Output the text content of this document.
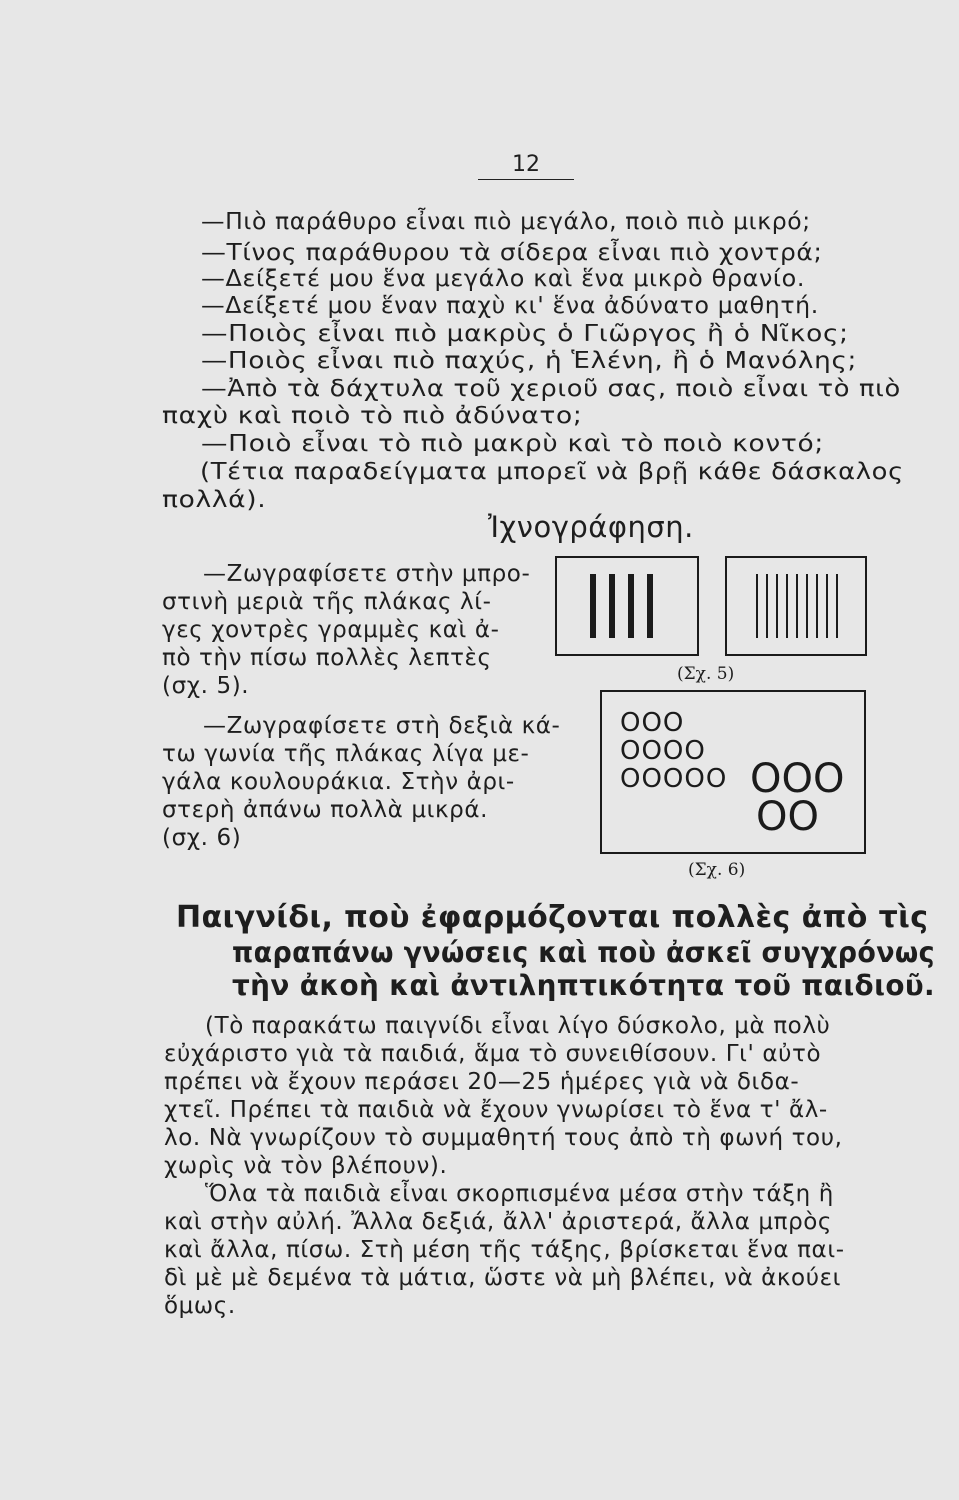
12
—Πιὸ παράθυρο εἶναι πιὸ μεγάλο, ποιὸ πιὸ μικρό;
—Τίνος παράθυρου τὰ σίδερα εἶναι πιὸ χοντρά;
—Δείξετέ μου ἕνα μεγάλο καὶ ἕνα μικρὸ θρανίο.
—Δείξετέ μου ἕναν παχὺ κι' ἕνα ἀδύνατο μαθητή.
—Ποιὸς εἶναι πιὸ μακρὺς ὁ Γιῶργος ἢ ὁ Νῖκος;
—Ποιὸς εἶναι πιὸ παχύς, ἡ Ἑλένη, ἢ ὁ Μανόλης;
—Ἀπὸ τὰ δάχτυλα τοῦ χεριοῦ σας, ποιὸ εἶναι τὸ πιὸ
παχὺ καὶ ποιὸ τὸ πιὸ ἀδύνατο;
—Ποιὸ εἶναι τὸ πιὸ μακρὺ καὶ τὸ ποιὸ κοντό;
(Τέτια παραδείγματα μπορεῖ νὰ βρῇ κάθε δάσκαλος
πολλά).
Ἰχνογράφηση.
—Ζωγραφίσετε στὴν μπρο-
στινὴ μεριὰ τῆς πλάκας λί-
γες χοντρὲς γραμμὲς καὶ ἀ-
πὸ τὴν πίσω πολλὲς λεπτὲς
(σχ. 5).
—Ζωγραφίσετε στὴ δεξιὰ κά-
τω γωνία τῆς πλάκας λίγα με-
γάλα κουλουράκια. Στὴν ἀρι-
στερὴ ἀπάνω πολλὰ μικρά.
(σχ. 6)
(Σχ. 5)
OOO
OOOO
OOOOO OOO
OO
(Σχ. 6)
Παιγνίδι, ποὺ ἐφαρμόζονται πολλὲς ἀπὸ τὶς
παραπάνω γνώσεις καὶ ποὺ ἀσκεῖ συγχρόνως
τὴν ἀκοὴ καὶ ἀντιληπτικότητα τοῦ παιδιοῦ.
(Τὸ παρακάτω παιγνίδι εἶναι λίγο δύσκολο, μὰ πολὺ
εὐχάριστο γιὰ τὰ παιδιά, ἅμα τὸ συνειθίσουν. Γι' αὐτὸ
πρέπει νὰ ἔχουν περάσει 20—25 ἡμέρες γιὰ νὰ διδα-
χτεῖ. Πρέπει τὰ παιδιὰ νὰ ἔχουν γνωρίσει τὸ ἕνα τ' ἄλ-
λο. Νὰ γνωρίζουν τὸ συμμαθητή τους ἀπὸ τὴ φωνή του,
χωρὶς νὰ τὸν βλέπουν).
Ὅλα τὰ παιδιὰ εἶναι σκορπισμένα μέσα στὴν τάξη ἢ
καὶ στὴν αὐλή. Ἄλλα δεξιά, ἄλλ' ἀριστερά, ἄλλα μπρὸς
καὶ ἄλλα, πίσω. Στὴ μέση τῆς τάξης, βρίσκεται ἕνα παι-
δὶ μὲ μὲ δεμένα τὰ μάτια, ὥστε νὰ μὴ βλέπει, νὰ ἀκούει
ὅμως.
